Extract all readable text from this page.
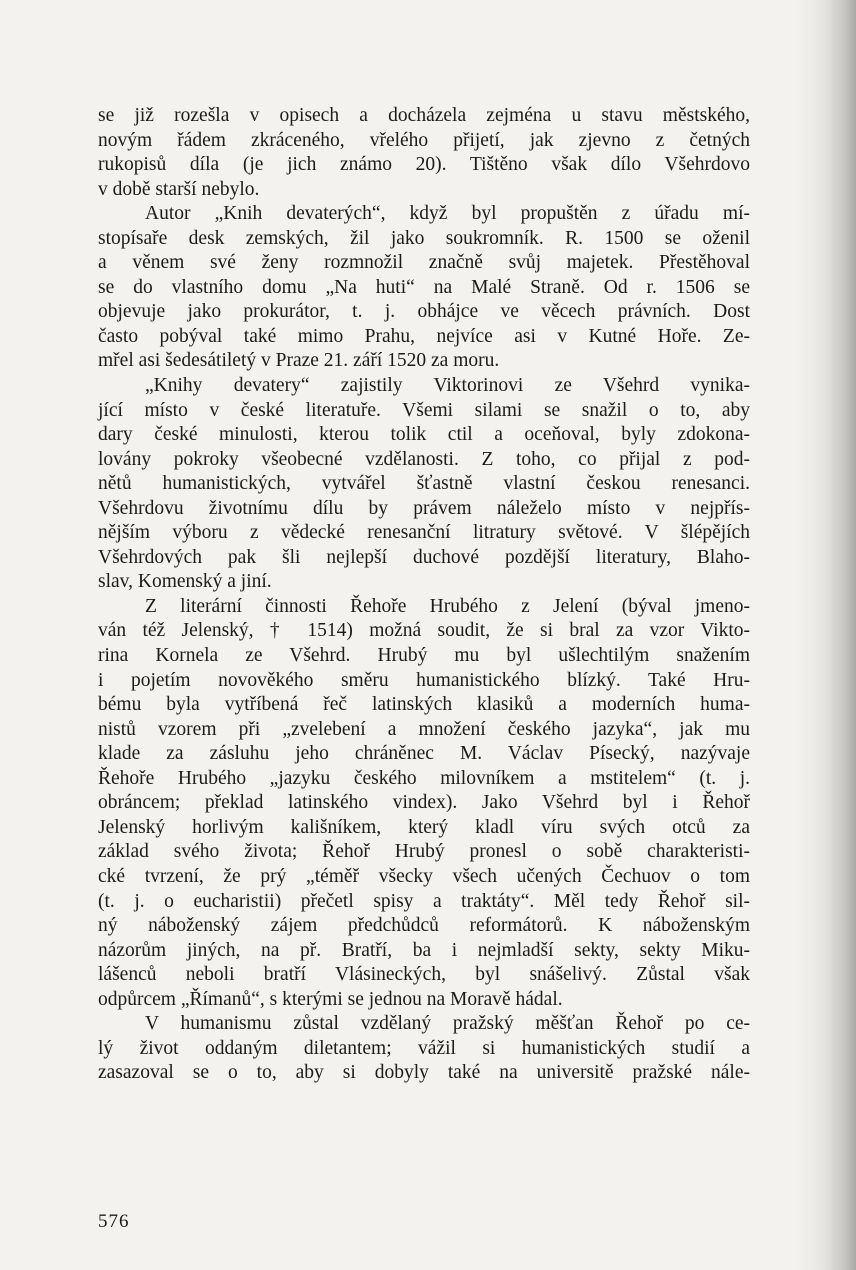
se již rozešla v opisech a docházela zejména u stavu městského,
novým řádem zkráceného, vřelého přijetí, jak zjevno z četných
rukopisů díla (je jich známo 20). Tištěno však dílo Všehrdovo
v době starší nebylo.
Autor „Knih devaterých“, když byl propuštěn z úřadu mí-
stopísaře desk zemských, žil jako soukromník. R. 1500 se oženil
a věnem své ženy rozmnožil značně svůj majetek. Přestěhoval
se do vlastního domu „Na huti“ na Malé Straně. Od r. 1506 se
objevuje jako prokurátor, t. j. obhájce ve věcech právních. Dost
často pobýval také mimo Prahu, nejvíce asi v Kutné Hoře. Ze-
mřel asi šedesátiletý v Praze 21. září 1520 za moru.
„Knihy devatery“ zajistily Viktorinovi ze Všehrd vynika-
jící místo v české literatuře. Všemi silami se snažil o to, aby
dary české minulosti, kterou tolik ctil a oceňoval, byly zdokona-
lovány pokroky všeobecné vzdělanosti. Z toho, co přijal z pod-
nětů humanistických, vytvářel šťastně vlastní českou renesanci.
Všehrdovu životnímu dílu by právem náleželo místo v nejpřís-
nějším výboru z vědecké renesanční litratury světové. V šlépějích
Všehrdových pak šli nejlepší duchové pozdější literatury, Blaho-
slav, Komenský a jiní.
Z literární činnosti Řehoře Hrubého z Jelení (býval jmeno-
ván též Jelenský, † 1514) možná soudit, že si bral za vzor Vikto-
rina Kornela ze Všehrd. Hrubý mu byl ušlechtilým snažením
i pojetím novověkého směru humanistického blízký. Také Hru-
bému byla vytříbená řeč latinských klasiků a moderních huma-
nistů vzorem při „zvelebení a množení českého jazyka“, jak mu
klade za zásluhu jeho chráněnec M. Václav Písecký, nazývaje
Řehoře Hrubého „jazyku českého milovníkem a mstitelem“ (t. j.
obráncem; překlad latinského vindex). Jako Všehrd byl i Řehoř
Jelenský horlivým kališníkem, který kladl víru svých otců za
základ svého života; Řehoř Hrubý pronesl o sobě charakteristi-
cké tvrzení, že prý „téměř všecky všech učených Čechuov o tom
(t. j. o eucharistii) přečetl spisy a traktáty“. Měl tedy Řehoř sil-
ný náboženský zájem předchůdců reformátorů. K náboženským
názorům jiných, na př. Bratří, ba i nejmladší sekty, sekty Miku-
lášenců neboli bratří Vlásineckých, byl snášelivý. Zůstal však
odpůrcem „Římanů“, s kterými se jednou na Moravě hádal.
V humanismu zůstal vzdělaný pražský měšťan Řehoř po ce-
lý život oddaným diletantem; vážil si humanistických studií a
zasazoval se o to, aby si dobyly také na universitě pražské nále-
576
